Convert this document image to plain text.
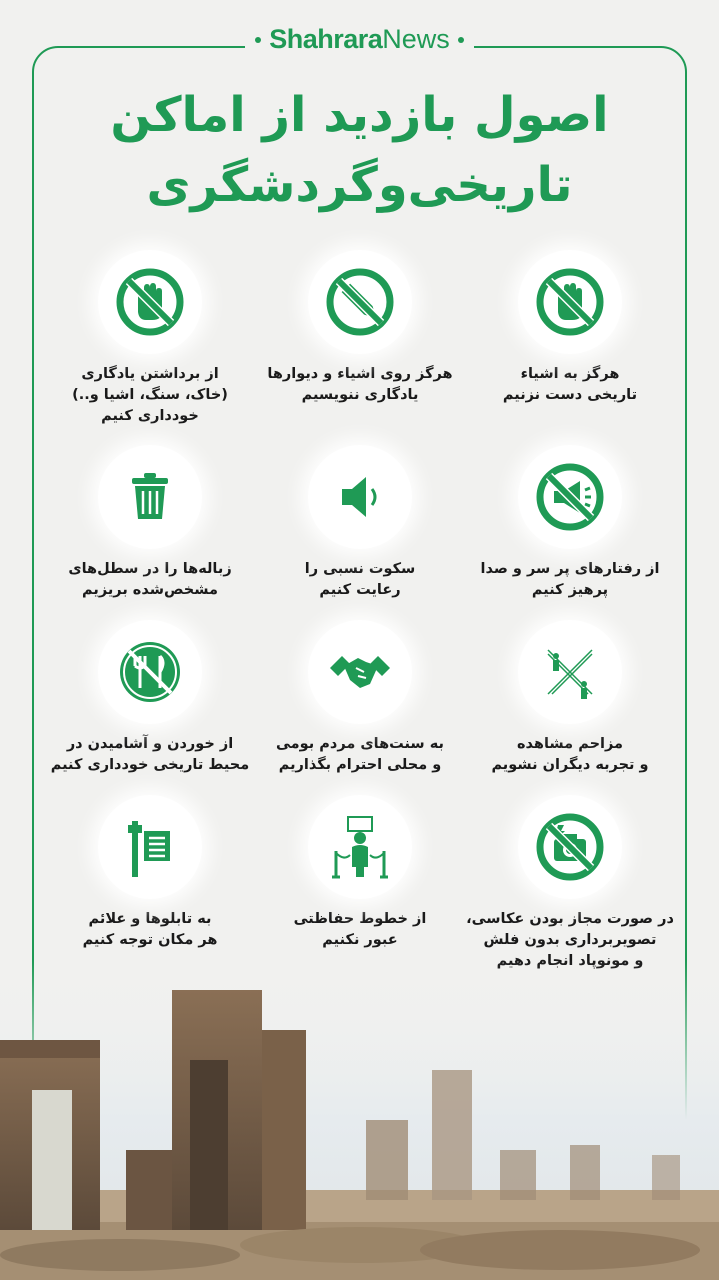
ShahraraNews
اصول بازدید از اماکن
تاریخی‌وگردشگری
هرگز به اشیاء
تاریخی دست نزنیم
هرگز روی اشیاء و دیوارها
یادگاری ننویسیم
از برداشتن یادگاری
(خاک، سنگ، اشیا و..)
خودداری کنیم
از رفتارهای پر سر و صدا
پرهیز کنیم
سکوت نسبی را
رعایت کنیم
زباله‌ها را در سطل‌های
مشخص‌شده بریزیم
مزاحم مشاهده
و تجربه دیگران نشویم
به سنت‌های مردم بومی
و محلی احترام بگذاریم
از خوردن و آشامیدن در
محیط تاریخی خودداری کنیم
در صورت مجاز بودن عکاسی،
تصویربرداری بدون فلش
از خطوط حفاظتی
عبور نکنیم
به تابلوها و علائم
هر مکان توجه کنیم
